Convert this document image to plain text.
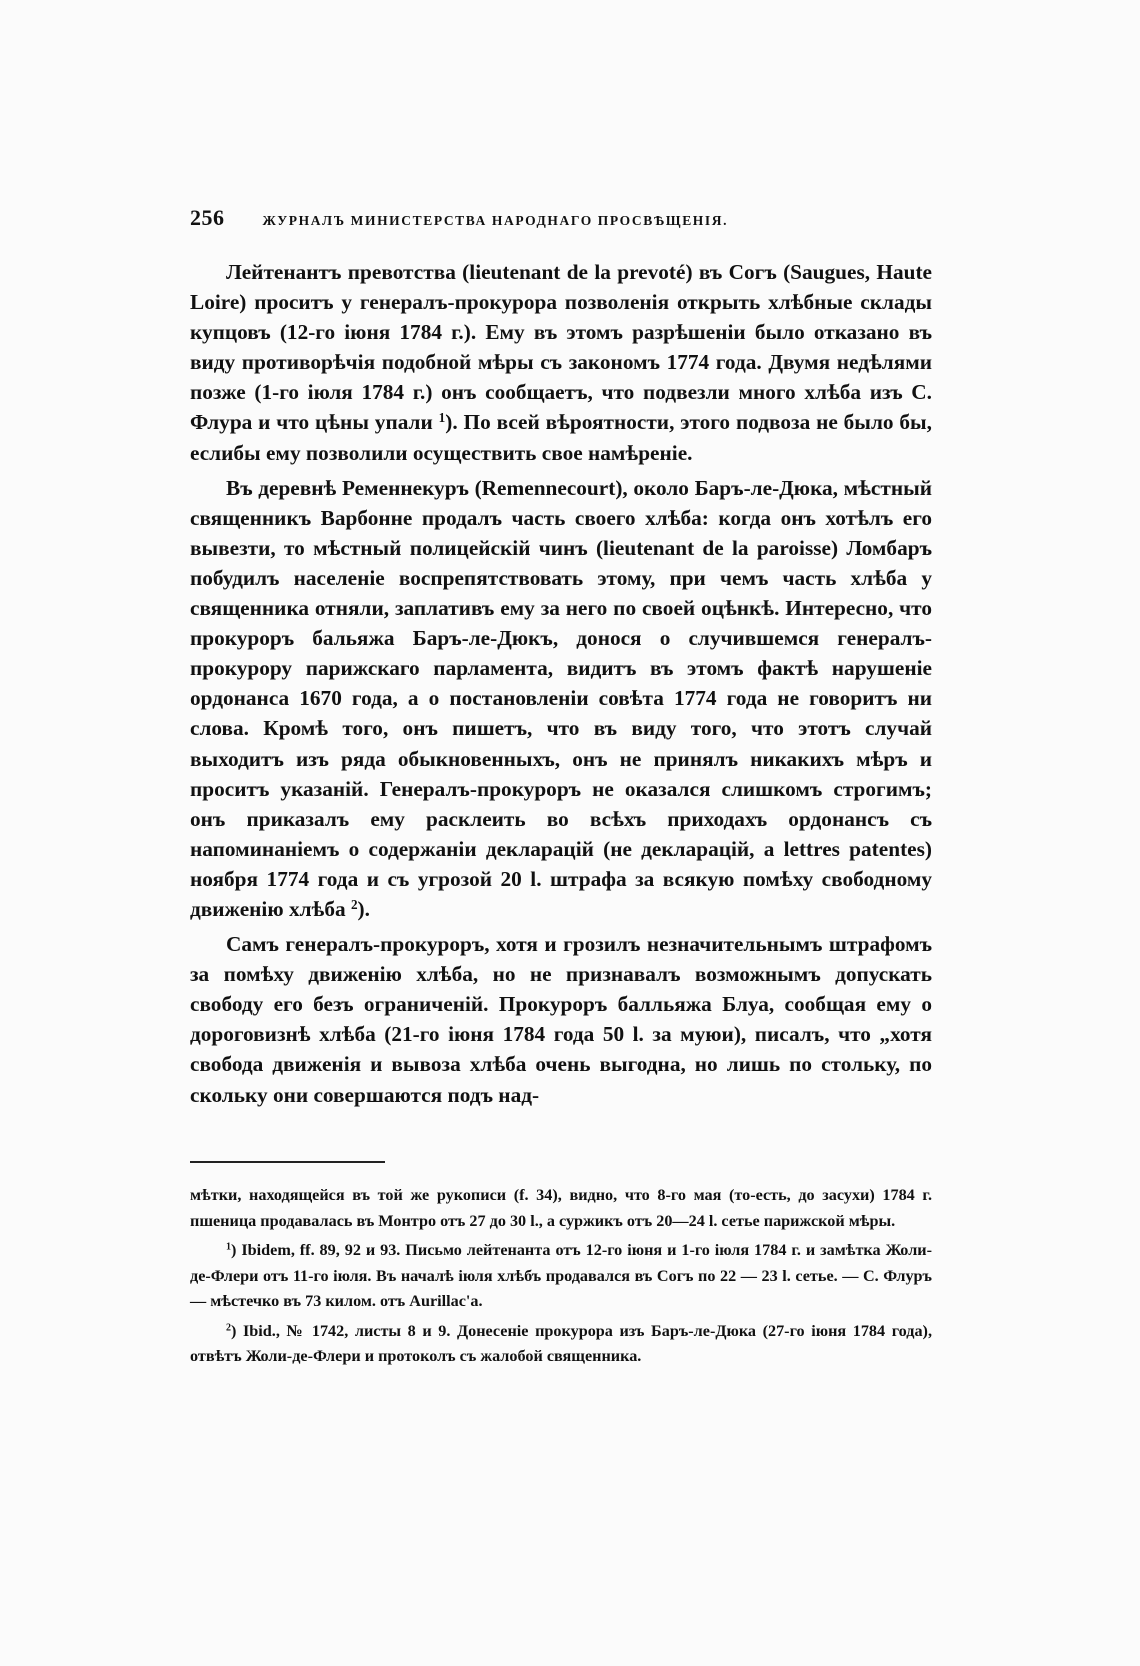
256	ЖУРНАЛЪ МИНИСТЕРСТВА НАРОДНАГО ПРОСВѢЩЕНІЯ.

Лейтенантъ превотства (lieutenant de la prevoté) въ Согъ (Saugues, Haute Loire) проситъ у генералъ-прокурора позволенія открыть хлѣбные склады купцовъ (12-го іюня 1784 г.). Ему въ этомъ разрѣшеніи было отказано въ виду противорѣчія подобной мѣры съ закономъ 1774 года. Двумя недѣлями позже (1-го іюля 1784 г.) онъ сообщаетъ, что подвезли много хлѣба изъ С. Флура и что цѣны упали $^1$). По всей вѣроятности, этого подвоза не было бы, еслибы ему позволили осуществить свое намѣреніе.

Въ деревнѣ Ременнекуръ (Remennecourt), около Баръ-ле-Дюка, мѣстный священникъ Варбонне продалъ часть своего хлѣба: когда онъ хотѣлъ его вывезти, то мѣстный полицейскій чинъ (lieutenant de la paroisse) Ломбаръ побудилъ населеніе воспрепятствовать этому, при чемъ часть хлѣба у священника отняли, заплативъ ему за него по своей оцѣнкѣ. Интересно, что прокуроръ бальяжа Баръ-ле-Дюкъ, донося о случившемся генералъ-прокурору парижскаго парламента, видитъ въ этомъ фактѣ нарушеніе ордонанса 1670 года, а о постановленіи совѣта 1774 года не говоритъ ни слова. Кромѣ того, онъ пишетъ, что въ виду того, что этотъ случай выходитъ изъ ряда обыкновенныхъ, онъ не принялъ никакихъ мѣръ и проситъ указаній. Генералъ-прокуроръ не оказался слишкомъ строгимъ; онъ приказалъ ему расклеить во всѣхъ приходахъ ордонансъ съ напоминаніемъ о содержаніи декларацій (не декларацій, а lettres patentes) ноября 1774 года и съ угрозой 20 l. штрафа за всякую помѣху свободному движенію хлѣба $^2$).

Самъ генералъ-прокуроръ, хотя и грозилъ незначительнымъ штрафомъ за помѣху движенію хлѣба, но не признавалъ возможнымъ допускать свободу его безъ ограниченій. Прокуроръ балльяжа Блуа, сообщая ему о дороговизнѣ хлѣба (21-го іюня 1784 года 50 l. за муюи), писалъ, что „хотя свобода движенія и вывоза хлѣба очень выгодна, но лишь по стольку, по скольку они совершаются подъ над-

мѣтки, находящейся въ той же рукописи (f. 34), видно, что 8-го мая (то-есть, до засухи) 1784 г. пшеница продавалась въ Монтро отъ 27 до 30 l., а суржикъ отъ 20—24 l. сетье парижской мѣры.

$^1$) Ibidem, ff. 89, 92 и 93. Письмо лейтенанта отъ 12-го іюня и 1-го іюля 1784 г. и замѣтка Жоли-де-Флери отъ 11-го іюля. Въ началѣ іюля хлѣбъ продавался въ Согъ по 22 — 23 l. сетье. — С. Флуръ — мѣстечко въ 73 килом. отъ Aurillac'a.

$^2$) Ibid., № 1742, листы 8 и 9. Донесеніе прокурора изъ Баръ-ле-Дюка (27-го іюня 1784 года), отвѣтъ Жоли-де-Флери и протоколъ съ жалобой священника.
